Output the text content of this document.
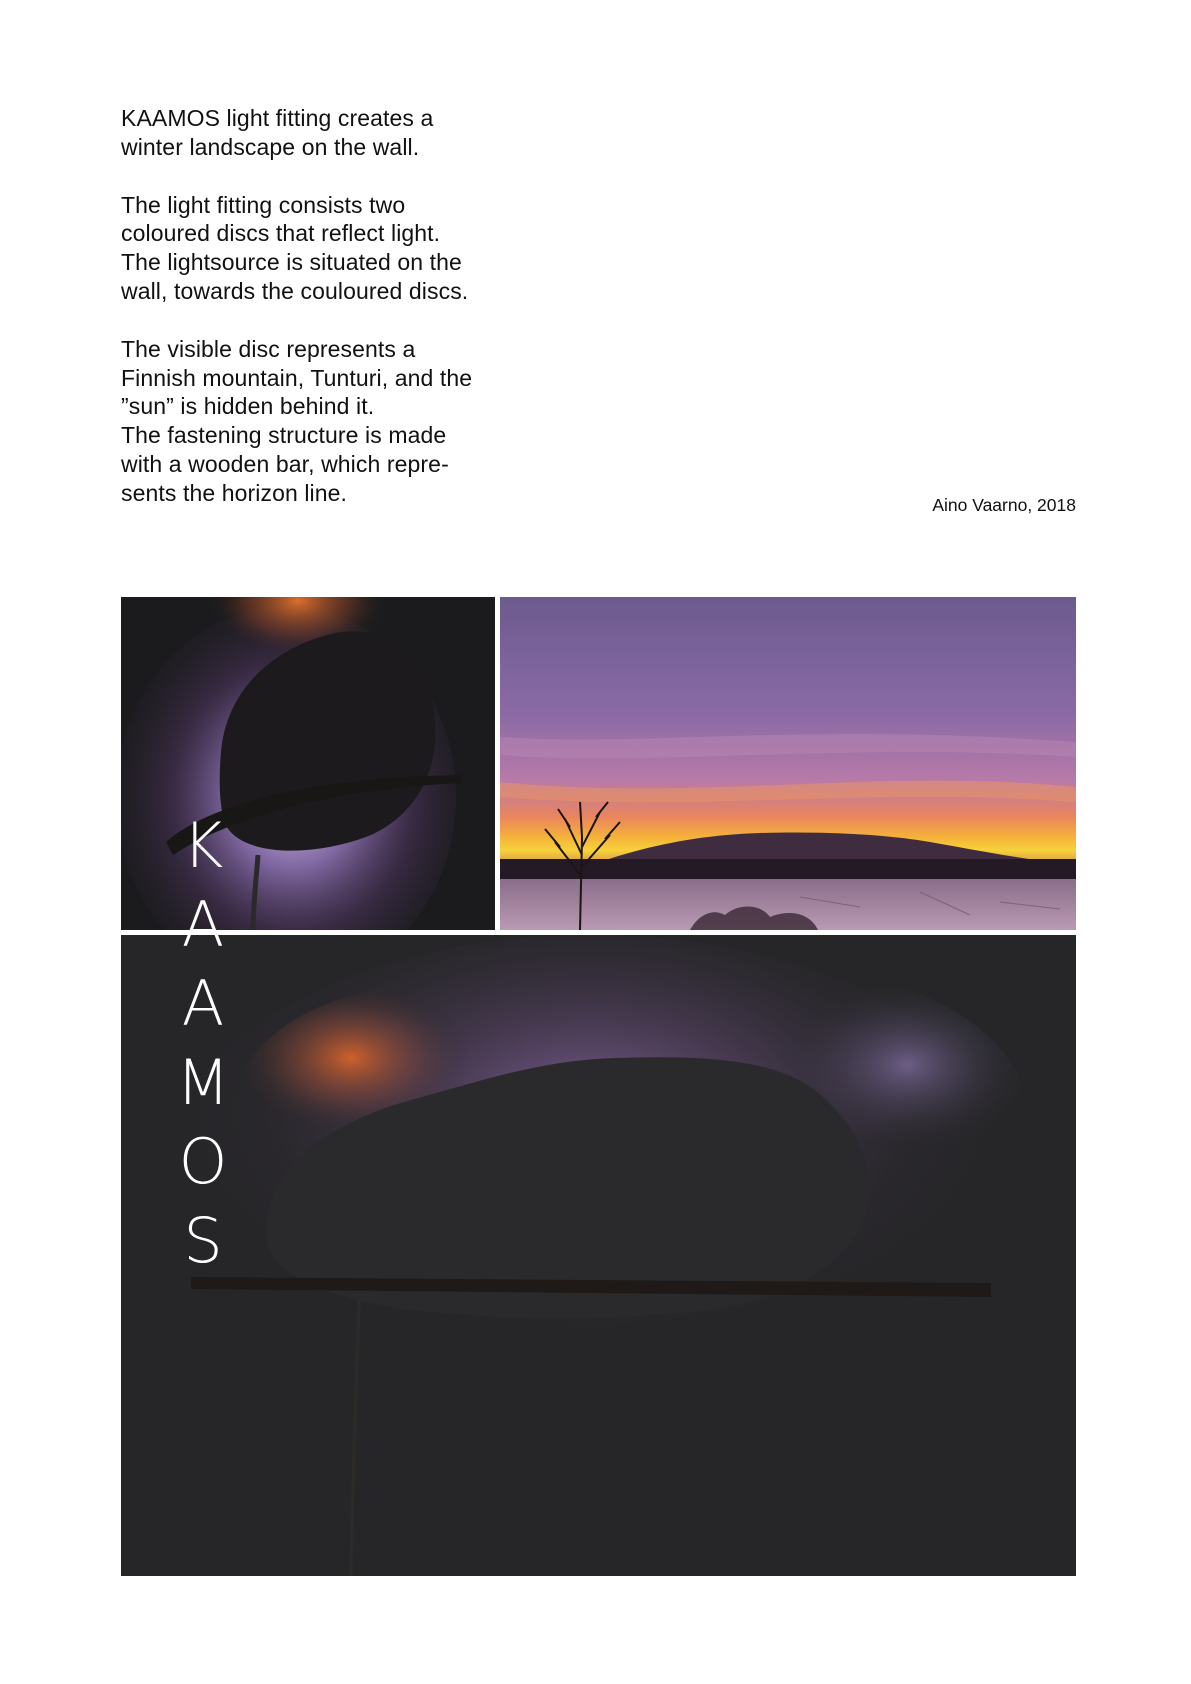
KAAMOS light fitting creates a
winter landscape on the wall.

The light fitting consists two
coloured discs that reflect light.
The lightsource is situated on the
wall, towards the couloured discs.

The visible disc represents a
Finnish mountain, Tunturi, and the
”sun” is hidden behind it.
The fastening structure is made
with a wooden bar, which repre-
sents the horizon line.	Aino Vaarno, 2018
K
A
A
M
O
S
